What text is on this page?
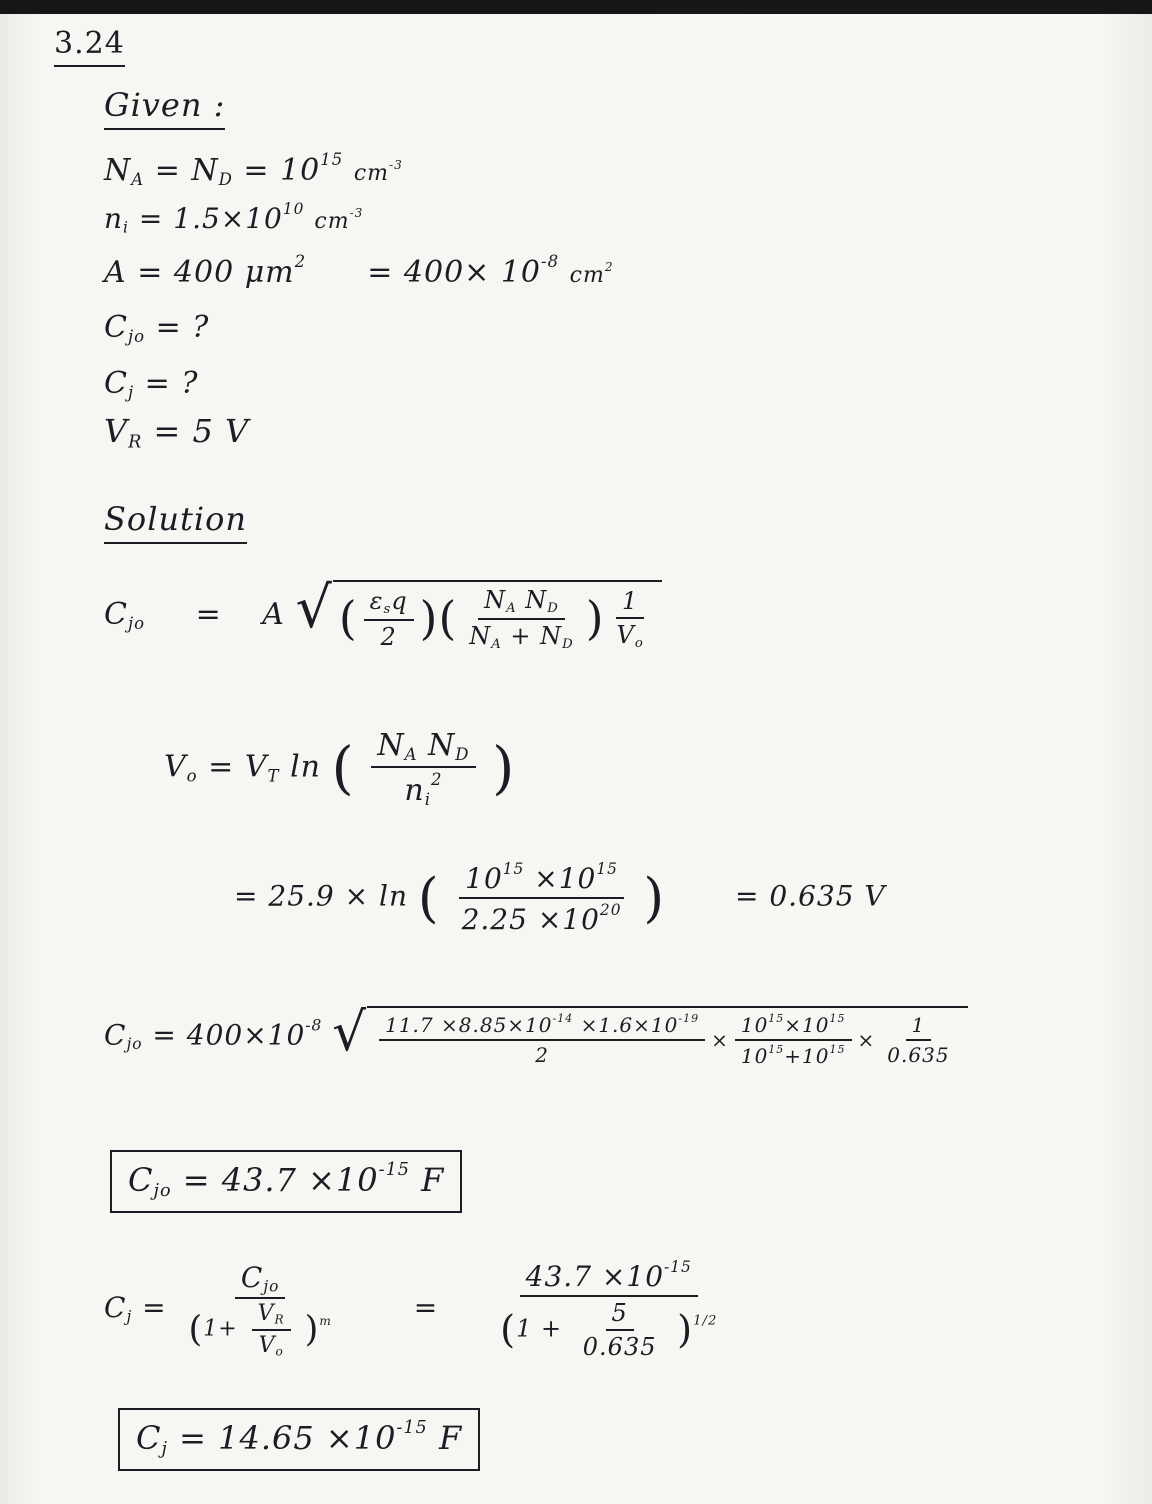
3.24
Given :
$N_A = N_D = 10^{15}$ $cm^{-3}$
$n_i = 1.5\times 10^{10}$ $cm^{-3}$
A = 400 $\mu m^2 = 400\times 10^{-8}$ $cm^2$
$C_{jo}$ = ?
$C_j$ = ?
$V_R = 5$ V
Solution
$C_{jo} = A$ √ ( $\frac{\varepsilon_sq}{2}$ ) ( $\frac{N_A N_D}{N_A + N_D}$ ) $\frac{1}{V_o}$
$V_o = V_T$ ln ( $\frac{N_A N_D}{n_i^2}$ )
= 25.9 × ln ( $\frac{10^{15} \times 10^{15}}{2.25 \times 10^{20}}$ ) = 0.635 V
$C_{jo} = 400\times 10^{-8}$ √ $\frac{11.7 \times 8.85\times 10^{-14} \times 1.6\times 10^{-19}}{2} \times \frac{10^{15}\times 10^{15}}{10^{15}+10^{15}} \times \frac{1}{0.635}$
$C_{jo} = 43.7 \times 10^{-15}$ F
$C_j = \frac{C_{jo}}{(1+ \frac{V_R}{V_o} )^m}$	= $\frac{43.7 \times 10^{-15}}{(1 + \frac{5}{0.635} )^{1/2}}$
$C_j = 14.65 \times 10^{-15}$ F
